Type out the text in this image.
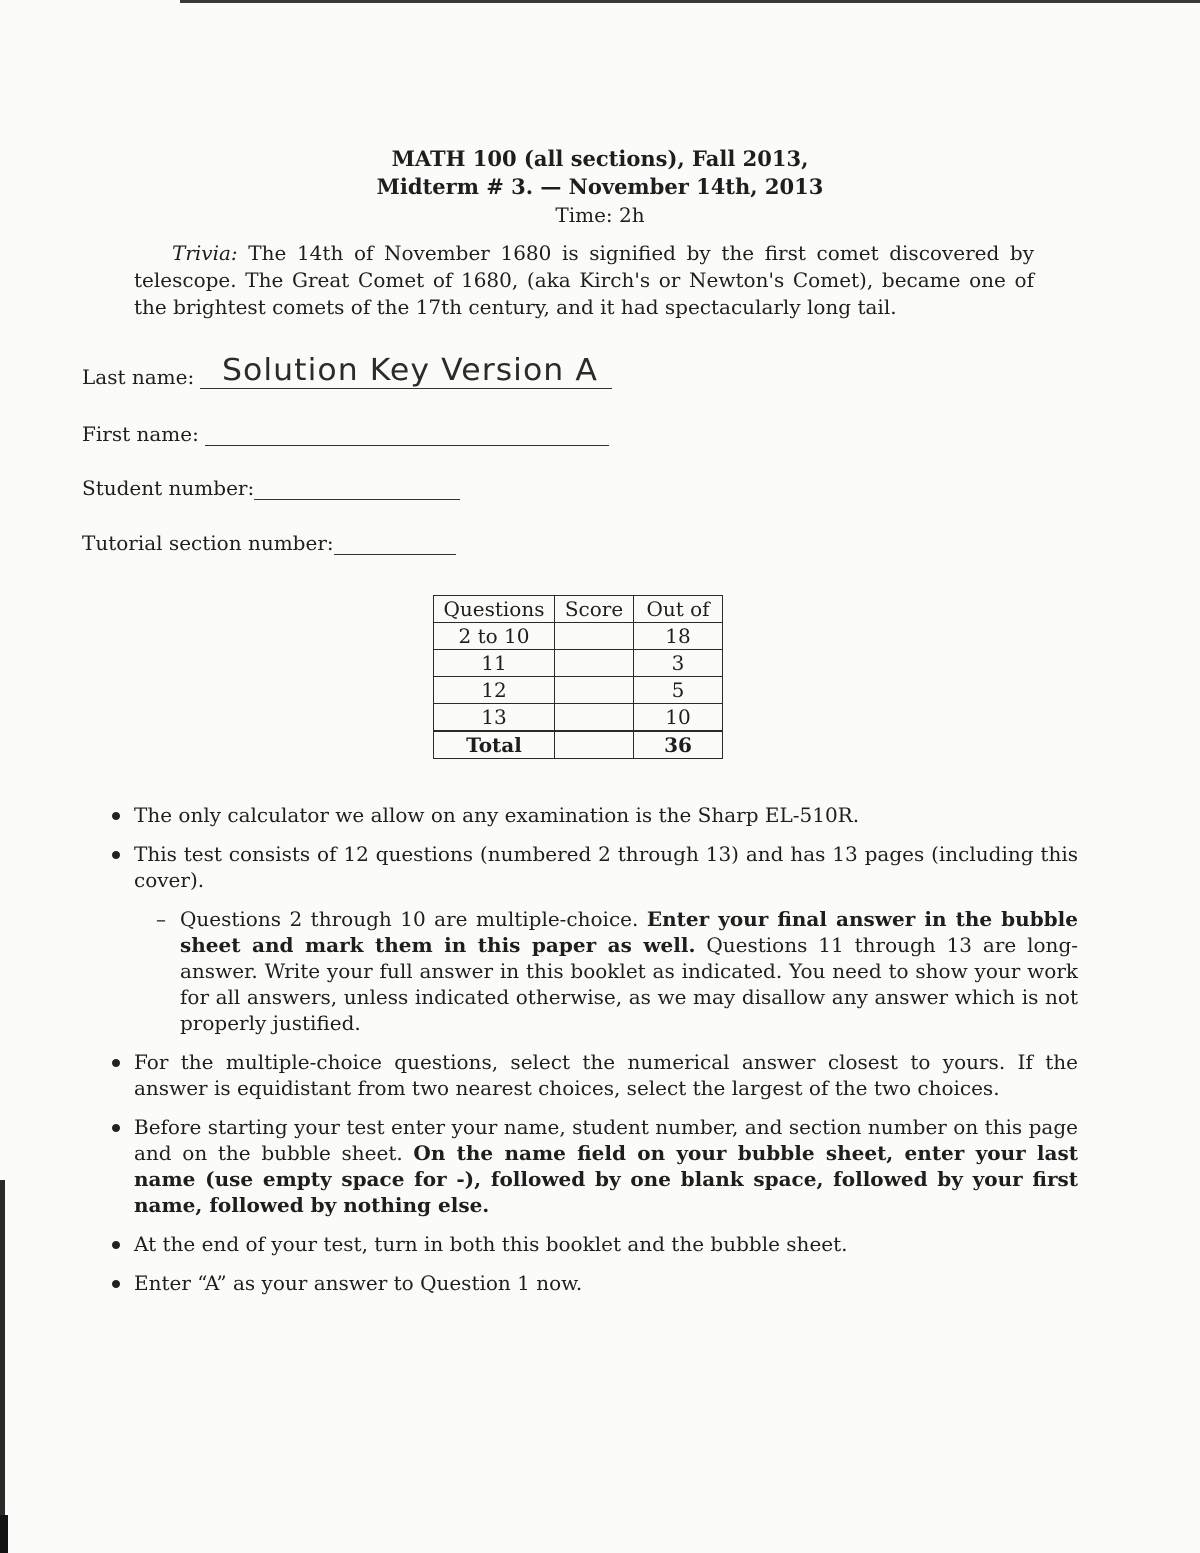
MATH 100 (all sections), Fall 2013,
Midterm # 3. — November 14th, 2013
Time: 2h
Trivia: The 14th of November 1680 is signified by the first comet discovered by telescope. The Great Comet of 1680, (aka Kirch's or Newton's Comet), became one of the brightest comets of the 17th century, and it had spectacularly long tail.
Last name: Solution Key Version A
First name:
Student number:
Tutorial section number:
Questions	Score	Out of
2 to 10		18
11		3
12		5
13		10
Total		36
The only calculator we allow on any examination is the Sharp EL-510R.
This test consists of 12 questions (numbered 2 through 13) and has 13 pages (including this cover).
– Questions 2 through 10 are multiple-choice. Enter your final answer in the bubble sheet and mark them in this paper as well. Questions 11 through 13 are long-answer. Write your full answer in this booklet as indicated. You need to show your work for all answers, unless indicated otherwise, as we may disallow any answer which is not properly justified.
For the multiple-choice questions, select the numerical answer closest to yours. If the answer is equidistant from two nearest choices, select the largest of the two choices.
Before starting your test enter your name, student number, and section number on this page and on the bubble sheet. On the name field on your bubble sheet, enter your last name (use empty space for -), followed by one blank space, followed by your first name, followed by nothing else.
At the end of your test, turn in both this booklet and the bubble sheet.
Enter “A” as your answer to Question 1 now.
